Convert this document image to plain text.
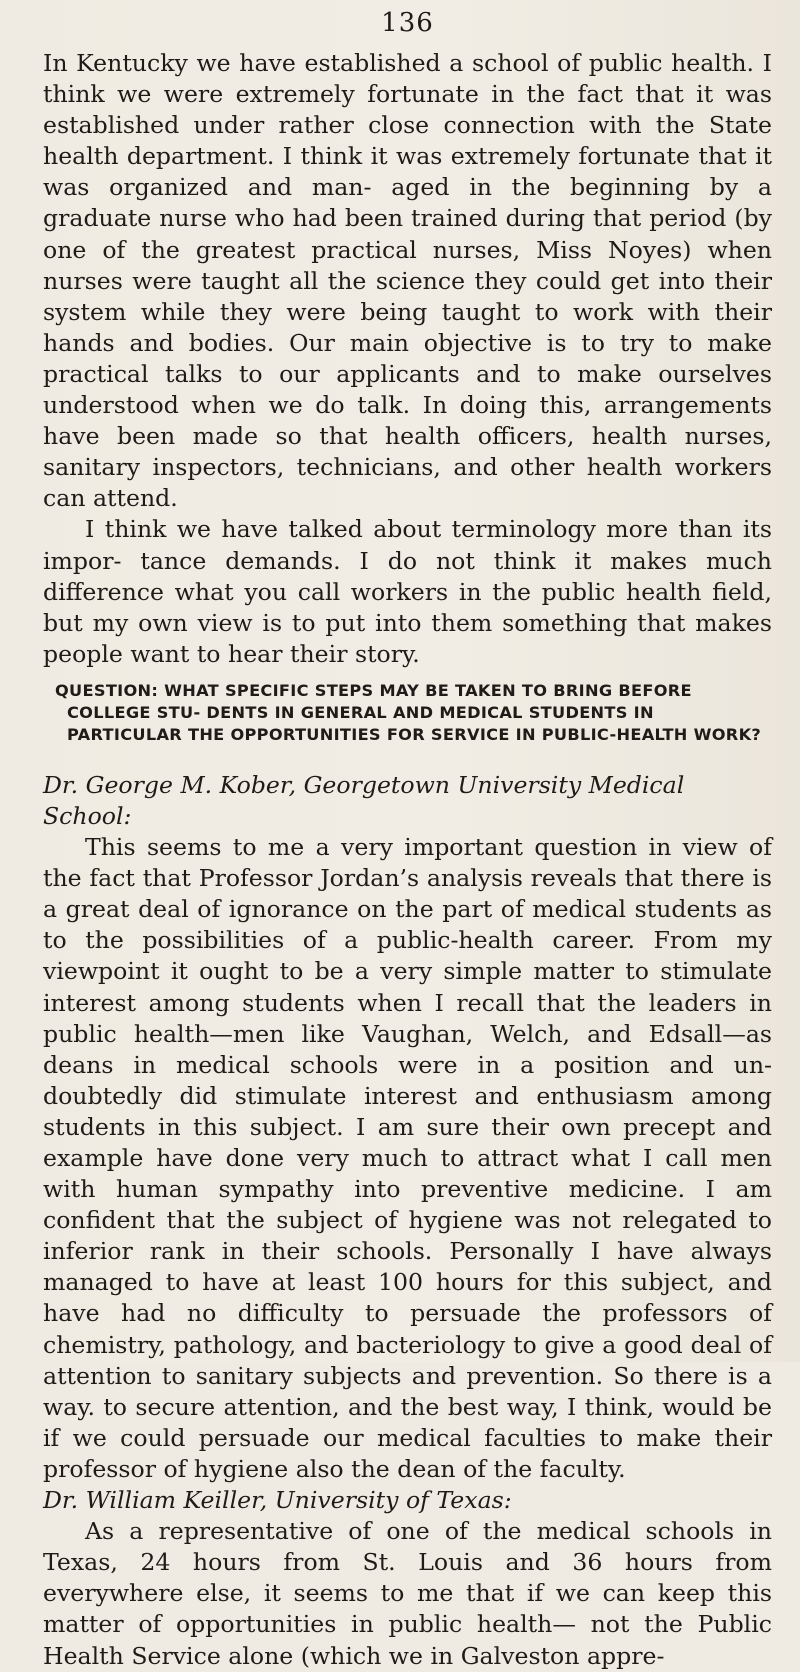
136

In Kentucky we have established a school of public health. I think we were extremely fortunate in the fact that it was established under rather close connection with the State health department. I think it was extremely fortunate that it was organized and man- aged in the beginning by a graduate nurse who had been trained during that period (by one of the greatest practical nurses, Miss Noyes) when nurses were taught all the science they could get into their system while they were being taught to work with their hands and bodies. Our main objective is to try to make practical talks to our applicants and to make ourselves understood when we do talk. In doing this, arrangements have been made so that health officers, health nurses, sanitary inspectors, technicians, and other health workers can attend.

I think we have talked about terminology more than its impor- tance demands. I do not think it makes much difference what you call workers in the public health field, but my own view is to put into them something that makes people want to hear their story.

QUESTION: WHAT SPECIFIC STEPS MAY BE TAKEN TO BRING BEFORE COLLEGE STU- DENTS IN GENERAL AND MEDICAL STUDENTS IN PARTICULAR THE OPPORTUNITIES FOR SERVICE IN PUBLIC-HEALTH WORK?
Dr. George M. Kober, Georgetown University Medical School:

This seems to me a very important question in view of the fact that Professor Jordan’s analysis reveals that there is a great deal of ignorance on the part of medical students as to the possibilities of a public-health career. From my viewpoint it ought to be a very simple matter to stimulate interest among students when I recall that the leaders in public health—men like Vaughan, Welch, and Edsall—as deans in medical schools were in a position and un- doubtedly did stimulate interest and enthusiasm among students in this subject. I am sure their own precept and example have done very much to attract what I call men with human sympathy into preventive medicine. I am confident that the subject of hygiene was not relegated to inferior rank in their schools. Personally I have always managed to have at least 100 hours for this subject, and have had no difficulty to persuade the professors of chemistry, pathology, and bacteriology to give a good deal of attention to sanitary subjects and prevention. So there is a way. to secure attention, and the best way, I think, would be if we could persuade our medical faculties to make their professor of hygiene also the dean of the faculty.

Dr. William Keiller, University of Texas:

As a representative of one of the medical schools in Texas, 24 hours from St. Louis and 36 hours from everywhere else, it seems to me that if we can keep this matter of opportunities in public health— not the Public Health Service alone (which we in Galveston appre-
